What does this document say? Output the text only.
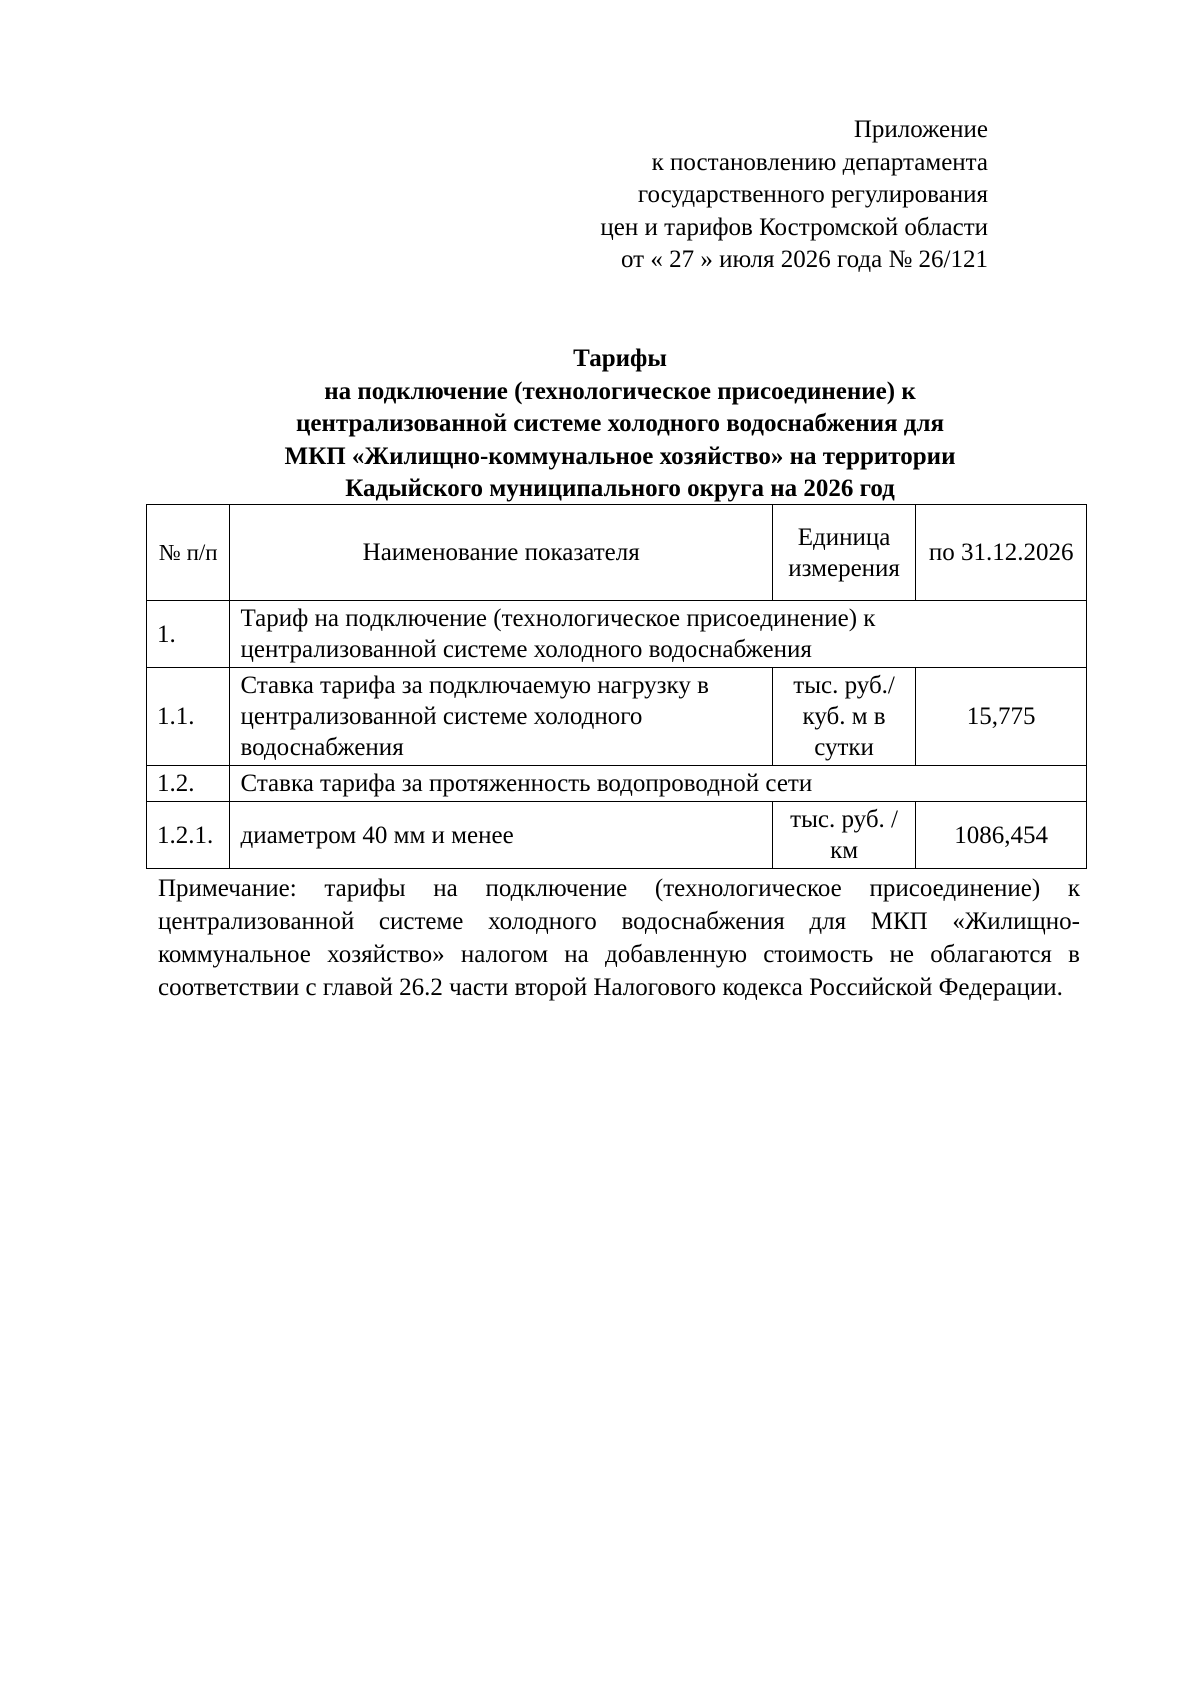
Приложение
к постановлению департамента
государственного регулирования
цен и тарифов Костромской области
от « 27 » июля 2026 года № 26/121
Тарифы
на подключение (технологическое присоединение) к
централизованной системе холодного водоснабжения для
МКП «Жилищно-коммунальное хозяйство» на территории
Кадыйского муниципального округа на 2026 год
№ п/п	Наименование показателя	Единица измерения	по 31.12.2026
1.	Тариф на подключение (технологическое присоединение) к централизованной системе холодного водоснабжения		
1.1.	Ставка тарифа за подключаемую нагрузку в централизованной системе холодного водоснабжения	тыс. руб./ куб. м в сутки	15,775
1.2.	Ставка тарифа за протяженность водопроводной сети		
1.2.1.	диаметром 40 мм и менее	тыс. руб. /км	1086,454
Примечание: тарифы на подключение (технологическое присоединение) к централизованной системе холодного водоснабжения для МКП «Жилищно-коммунальное хозяйство» налогом на добавленную стоимость не облагаются в соответствии с главой 26.2 части второй Налогового кодекса Российской Федерации.
